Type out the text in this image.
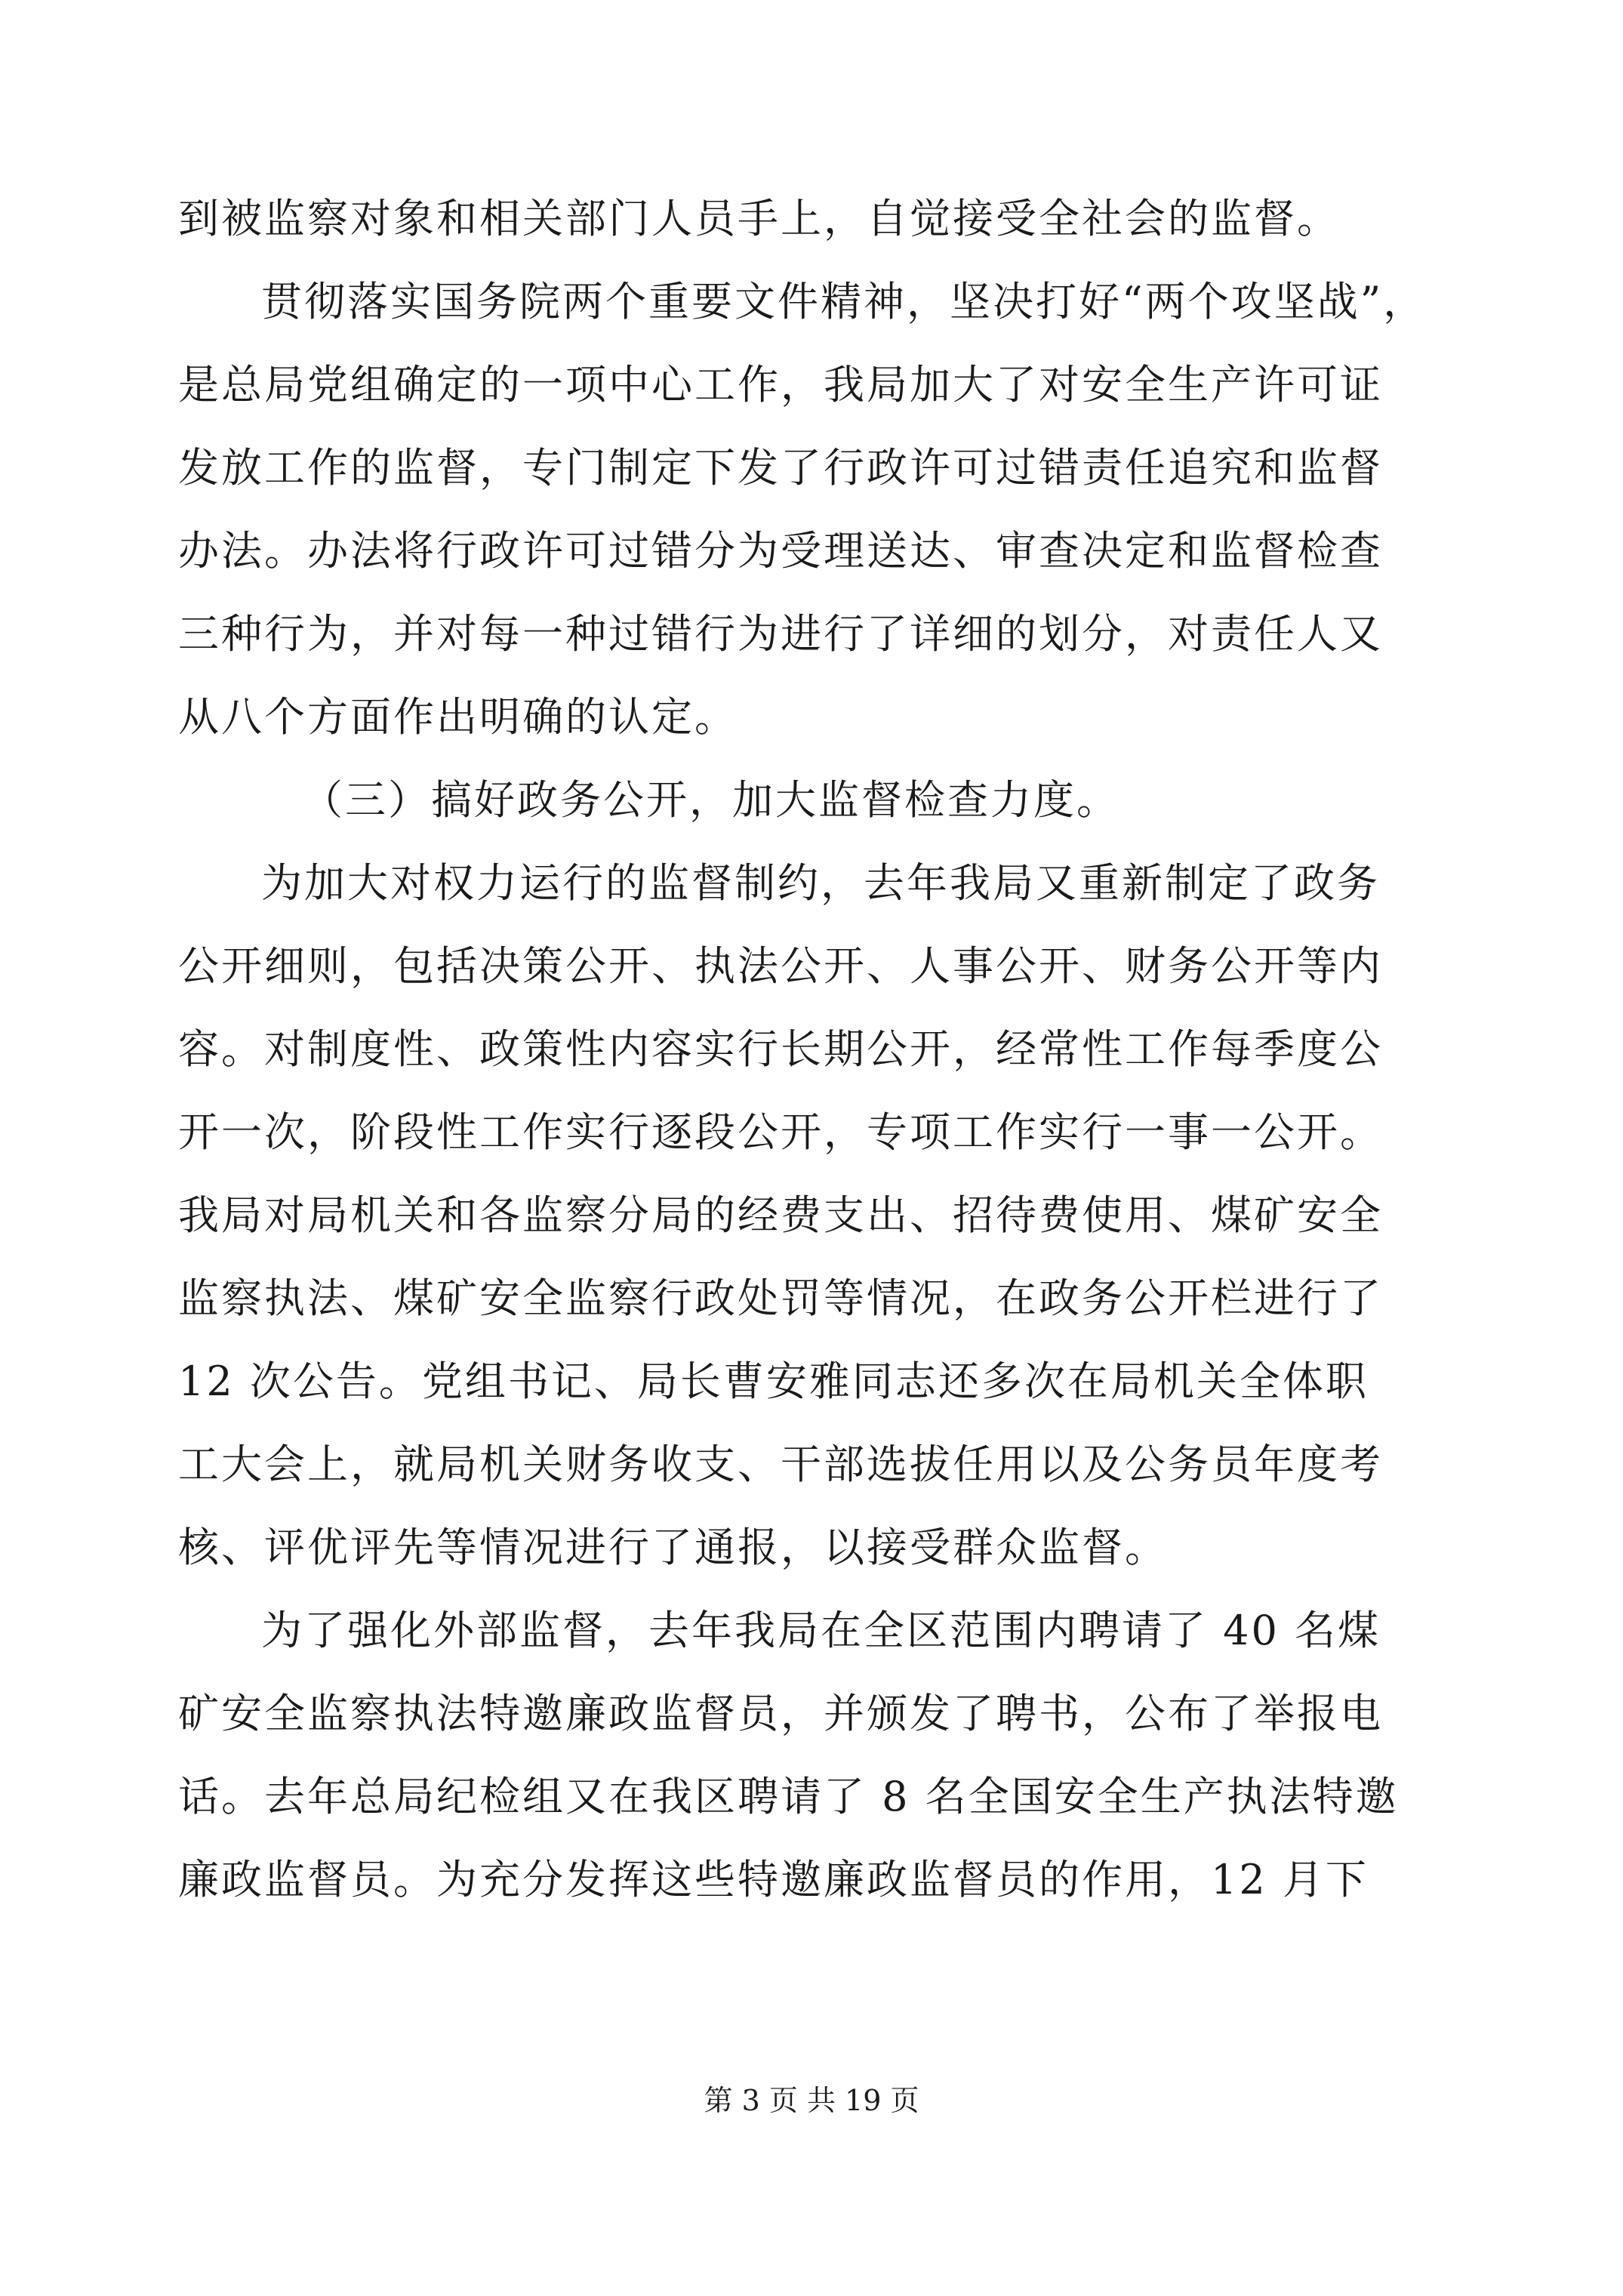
到被监察对象和相关部门人员手上，自觉接受全社会的监督。
贯彻落实国务院两个重要文件精神，坚决打好“两个攻坚战”，
是总局党组确定的一项中心工作，我局加大了对安全生产许可证
发放工作的监督，专门制定下发了行政许可过错责任追究和监督
办法。办法将行政许可过错分为受理送达、审查决定和监督检查
三种行为，并对每一种过错行为进行了详细的划分，对责任人又
从八个方面作出明确的认定。
（三）搞好政务公开，加大监督检查力度。
为加大对权力运行的监督制约，去年我局又重新制定了政务
公开细则，包括决策公开、执法公开、人事公开、财务公开等内
容。对制度性、政策性内容实行长期公开，经常性工作每季度公
开一次，阶段性工作实行逐段公开，专项工作实行一事一公开。
我局对局机关和各监察分局的经费支出、招待费使用、煤矿安全
监察执法、煤矿安全监察行政处罚等情况，在政务公开栏进行了
12 次公告。党组书记、局长曹安雅同志还多次在局机关全体职
工大会上，就局机关财务收支、干部选拔任用以及公务员年度考
核、评优评先等情况进行了通报，以接受群众监督。
为了强化外部监督，去年我局在全区范围内聘请了 40 名煤
矿安全监察执法特邀廉政监督员，并颁发了聘书，公布了举报电
话。去年总局纪检组又在我区聘请了 8 名全国安全生产执法特邀
廉政监督员。为充分发挥这些特邀廉政监督员的作用，12 月下
第 3 页 共 19 页
